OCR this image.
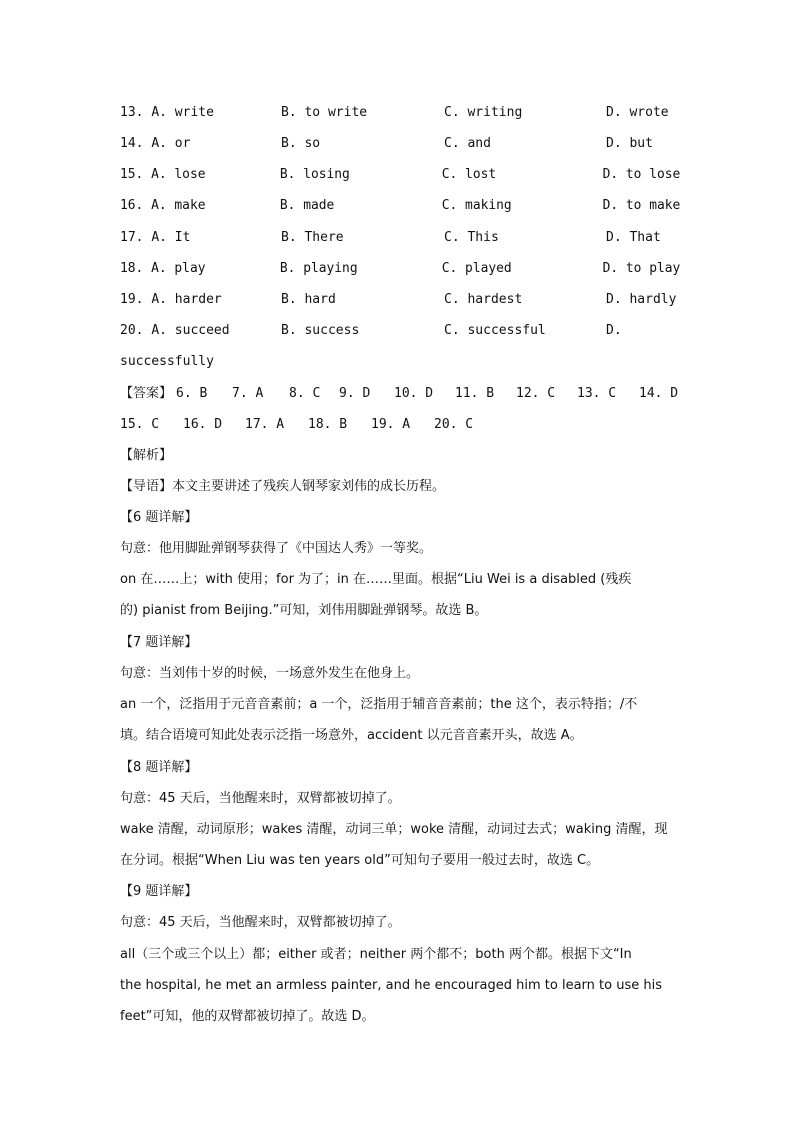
13. A. write	B. to write	C. writing	D. wrote
14. A. or	B. so	C. and	D. but
15. A. lose	B. losing	C. lost	D. to lose
16. A. make	B. made	C. making	D. to make
17. A. It	B. There	C. This	D. That
18. A. play	B. playing	C. played	D. to play
19. A. harder	B. hard	C. hardest	D. hardly
20. A. succeed	B. success	C. successful	D.
successfully
【答案】 6. B 7. A 8. C 9. D 10. D 11. B 12. C 13. C 14. D
15. C 16. D 17. A 18. B 19. A 20. C
【解析】
【导语】本文主要讲述了残疾人钢琴家刘伟的成长历程。
【6 题详解】
句意：他用脚趾弹钢琴获得了《中国达人秀》一等奖。
on 在……上；with 使用；for 为了；in 在……里面。根据“Liu Wei is a disabled (残疾
的) pianist from Beijing.”可知，刘伟用脚趾弹钢琴。故选 B。
【7 题详解】
句意：当刘伟十岁的时候，一场意外发生在他身上。
an 一个，泛指用于元音音素前；a 一个，泛指用于辅音音素前；the 这个，表示特指；/不
填。结合语境可知此处表示泛指一场意外，accident 以元音音素开头，故选 A。
【8 题详解】
句意：45 天后，当他醒来时，双臂都被切掉了。
wake 清醒，动词原形；wakes 清醒，动词三单；woke 清醒，动词过去式；waking 清醒，现
在分词。根据“When Liu was ten years old”可知句子要用一般过去时，故选 C。
【9 题详解】
句意：45 天后，当他醒来时，双臂都被切掉了。
all（三个或三个以上）都；either 或者；neither 两个都不；both 两个都。根据下文“In
the hospital, he met an armless painter, and he encouraged him to learn to use his
feet”可知，他的双臂都被切掉了。故选 D。
